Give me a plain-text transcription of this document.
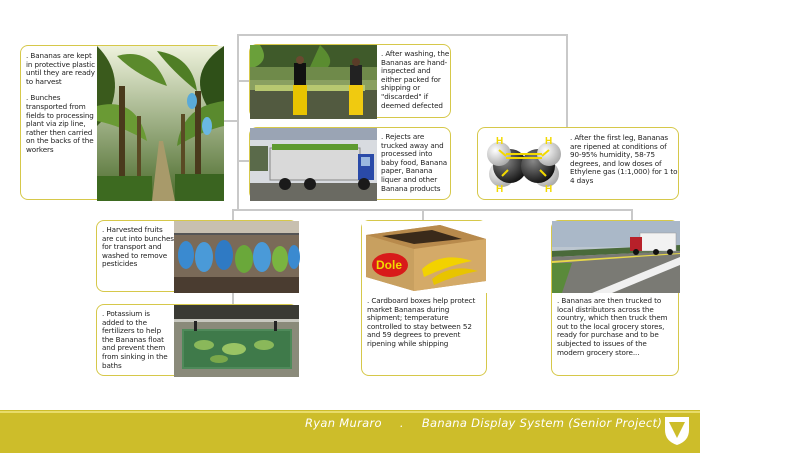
. Bananas are kept in protective plastic until they are ready to harvest

. Bunches transported from fields to processing plant via zip line, rather then carried on the backs of the workers

. After washing, the Bananas are hand-inspected and either packed for shipping or "discarded" if deemed defected

. Rejects are trucked away and processed into baby food, Banana paper, Banana liquer and other Banana products

H	H
H	H

. After the first leg, Bananas are ripened at conditions of 90-95% humidity, 58-75 degrees, and low doses of Ethylene gas (1:1,000) for 1 to 4 days

. Harvested fruits are cut into bunches for transport and washed to remove pesticides

. Potassium is added to the fertilizers to help the Bananas float and prevent them from sinking in the baths

Dole

. Cardboard boxes help protect market Bananas during shipment; temperature controlled to stay between 52 and 59 degrees to prevent ripening while shipping

. Bananas are then trucked to local distributors across the country, which then truck them out to the local grocery stores, ready for purchase and to be subjected to issues of the modern grocery store...

Ryan Muraro . Banana Display System (Senior Project)	Fall 2008 .
